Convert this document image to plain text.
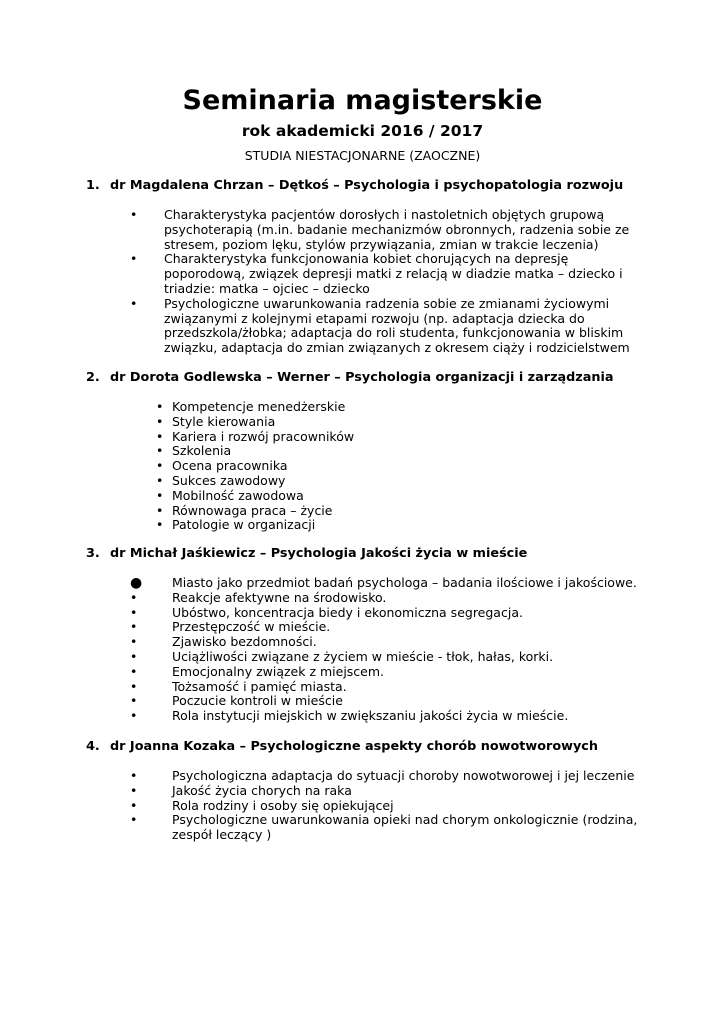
Seminaria magisterskie
rok akademicki 2016 / 2017
STUDIA NIESTACJONARNE (ZAOCZNE)

1. dr Magdalena Chrzan – Dętkoś – Psychologia i psychopatologia rozwoju

• Charakterystyka pacjentów dorosłych i nastoletnich objętych grupową psychoterapią (m.in. badanie mechanizmów obronnych, radzenia sobie ze stresem, poziom lęku, stylów przywiązania, zmian w trakcie leczenia)
• Charakterystyka funkcjonowania kobiet chorujących na depresję poporodową, związek depresji matki z relacją w diadzie matka – dziecko i triadzie: matka – ojciec – dziecko
• Psychologiczne uwarunkowania radzenia sobie ze zmianami życiowymi związanymi z kolejnymi etapami rozwoju (np. adaptacja dziecka do przedszkola/żłobka; adaptacja do roli studenta, funkcjonowania w bliskim związku, adaptacja do zmian związanych z okresem ciąży i rodzicielstwem

2. dr Dorota Godlewska – Werner – Psychologia organizacji i zarządzania

• Kompetencje menedżerskie
• Style kierowania
• Kariera i rozwój pracowników
• Szkolenia
• Ocena pracownika
• Sukces zawodowy
• Mobilność zawodowa
• Równowaga praca – życie
• Patologie w organizacji

3. dr Michał Jaśkiewicz – Psychologia Jakości życia w mieście

● Miasto jako przedmiot badań psychologa – badania ilościowe i jakościowe.
•	Reakcje afektywne na środowisko.
•	Ubóstwo, koncentracja biedy i ekonomiczna segregacja.
•	Przestępczość w mieście.
•	Zjawisko bezdomności.
•	Uciążliwości związane z życiem w mieście - tłok, hałas, korki.
•	Emocjonalny związek z miejscem.
•	Tożsamość i pamięć miasta.
•	Poczucie kontroli w mieście
•	Rola instytucji miejskich w zwiększaniu jakości życia w mieście.

4. dr Joanna Kozaka – Psychologiczne aspekty chorób nowotworowych

•	Psychologiczna adaptacja do sytuacji choroby nowotworowej i jej leczenie
•	Jakość życia chorych na raka
•	Rola rodziny i osoby się opiekującej
•	Psychologiczne uwarunkowania opieki nad chorym onkologicznie (rodzina, zespół leczący )
